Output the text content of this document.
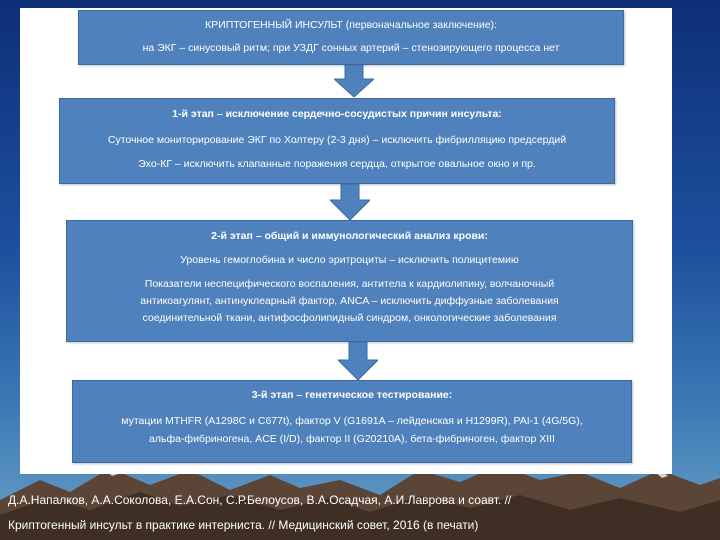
КРИПТОГЕННЫЙ ИНСУЛЬТ (первоначальное заключение):
на ЭКГ – синусовый ритм; при УЗДГ сонных артерий – стенозирующего процесса нет
1-й этап – исключение сердечно-сосудистых причин инсульта:
Суточное мониторирование ЭКГ по Холтеру (2-3 дня) – исключить фибрилляцию предсердий
Эхо-КГ – исключить клапанные поражения сердца, открытое овальное окно и пр.
2-й этап – общий и иммунологический анализ крови:
Уровень гемоглобина и число эритроциты – исключить полицитемию
Показатели неспецифического воспаления, антитела к кардиолипину, волчаночный
антикоагулянт, антинуклеарный фактор, ANCA – исключить диффузные заболевания
соединительной ткани, антифосфолипидный синдром, онкологические заболевания
3-й этап – генетическое тестирование:
мутации MTHFR (A1298C и C677t), фактор V (G1691A – лейденская и H1299R), PAI-1 (4G/5G),
альфа-фибриногена, ACE (I/D), фактор II (G20210A), бета-фибриноген, фактор XIII
Д.А.Напалков, А.А.Соколова, Е.А.Сон, С.Р.Белоусов, В.А.Осадчая, А.И.Лаврова и соавт. //
Криптогенный инсульт в практике интерниста. // Медицинский совет, 2016 (в печати)
